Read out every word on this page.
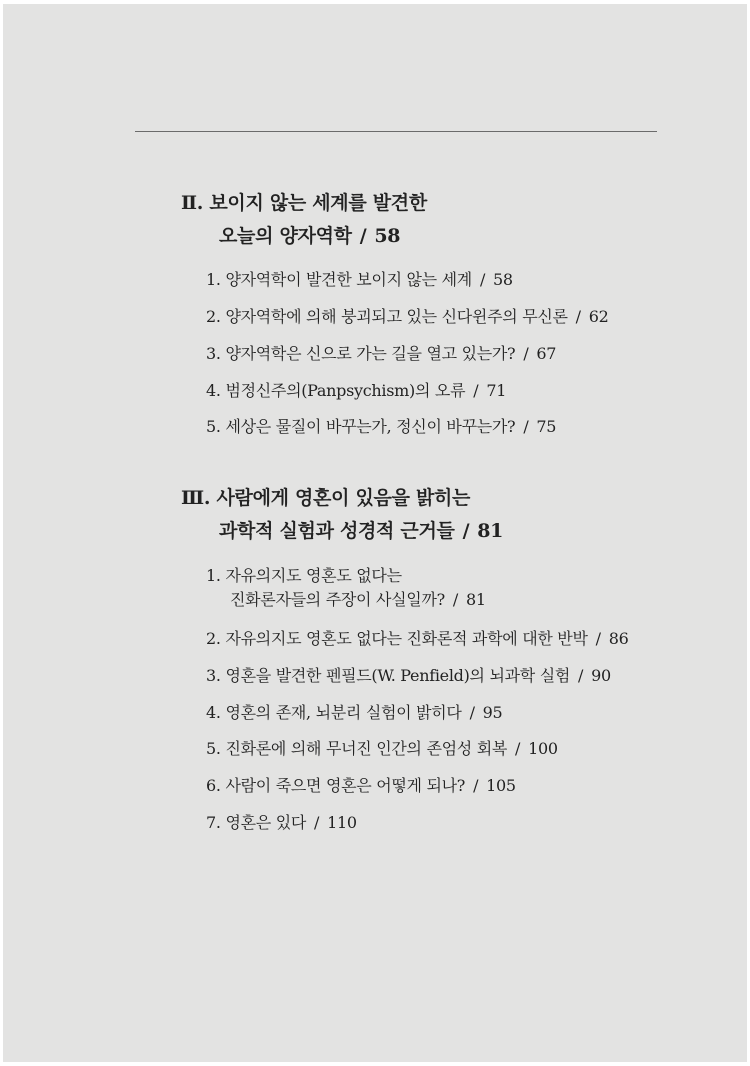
Ⅱ. 보이지 않는 세계를 발견한
오늘의 양자역학 / 58
1. 양자역학이 발견한 보이지 않는 세계 / 58
2. 양자역학에 의해 붕괴되고 있는 신다윈주의 무신론 / 62
3. 양자역학은 신으로 가는 길을 열고 있는가? / 67
4. 범정신주의(Panpsychism)의 오류 / 71
5. 세상은 물질이 바꾸는가, 정신이 바꾸는가? / 75
Ⅲ. 사람에게 영혼이 있음을 밝히는
과학적 실험과 성경적 근거들 / 81
1. 자유의지도 영혼도 없다는
진화론자들의 주장이 사실일까? / 81
2. 자유의지도 영혼도 없다는 진화론적 과학에 대한 반박 / 86
3. 영혼을 발견한 펜필드(W. Penfield)의 뇌과학 실험 / 90
4. 영혼의 존재, 뇌분리 실험이 밝히다 / 95
5. 진화론에 의해 무너진 인간의 존엄성 회복 / 100
6. 사람이 죽으면 영혼은 어떻게 되나? / 105
7. 영혼은 있다 / 110
